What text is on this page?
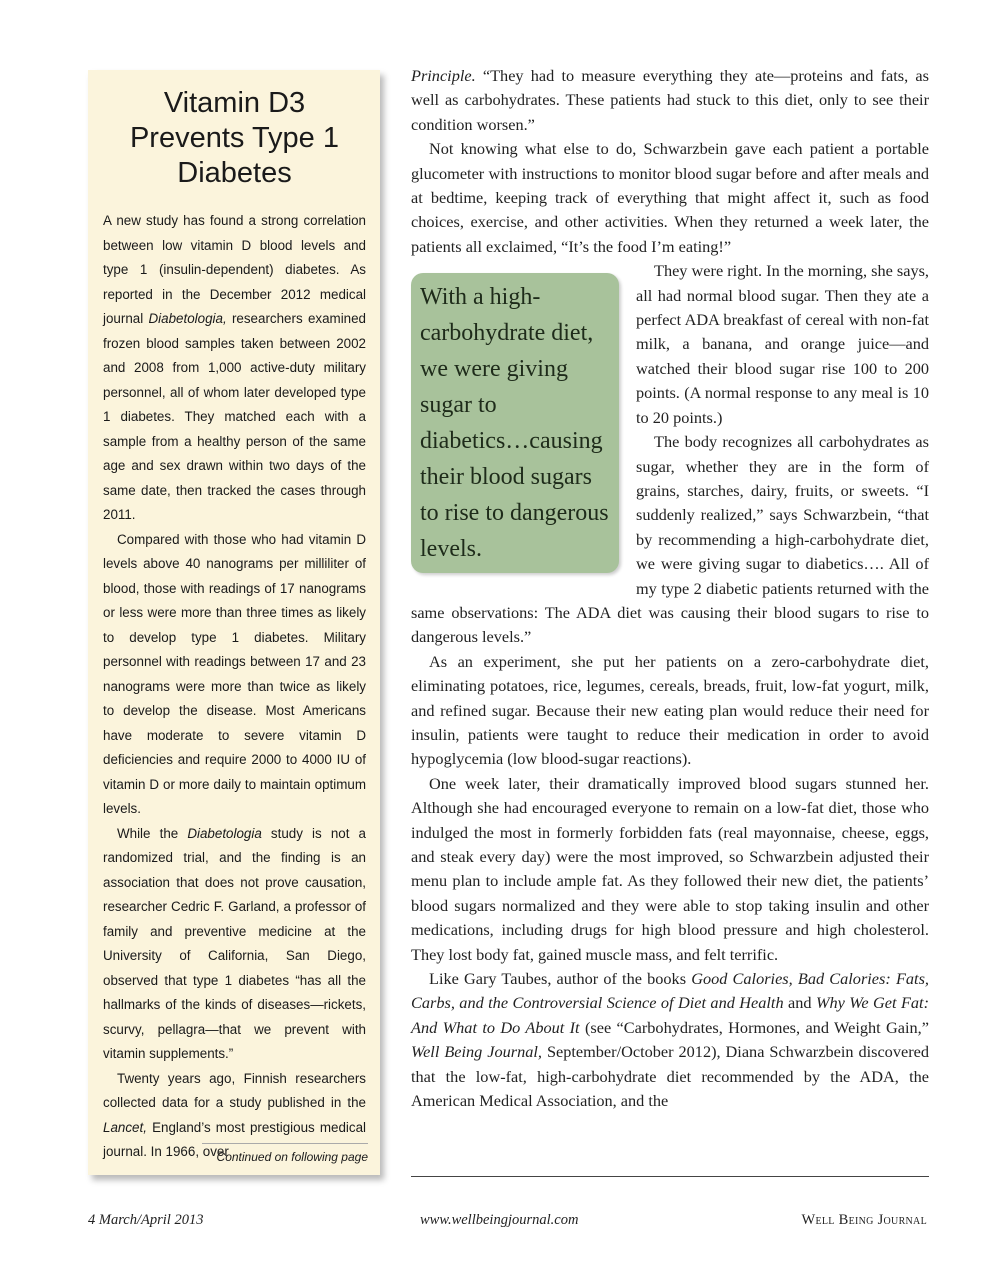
Vitamin D3 Prevents Type 1 Diabetes

A new study has found a strong correlation between low vitamin D blood levels and type 1 (insulin-dependent) diabetes. As reported in the December 2012 medical journal Diabetologia, researchers examined frozen blood samples taken between 2002 and 2008 from 1,000 active-duty military personnel, all of whom later developed type 1 diabetes. They matched each with a sample from a healthy person of the same age and sex drawn within two days of the same date, then tracked the cases through 2011.

Compared with those who had vitamin D levels above 40 nanograms per milliliter of blood, those with readings of 17 nanograms or less were more than three times as likely to develop type 1 diabetes. Military personnel with readings between 17 and 23 nanograms were more than twice as likely to develop the disease. Most Americans have moderate to severe vitamin D deficiencies and require 2000 to 4000 IU of vitamin D or more daily to maintain optimum levels.

While the Diabetologia study is not a randomized trial, and the finding is an association that does not prove causation, researcher Cedric F. Garland, a professor of family and preventive medicine at the University of California, San Diego, observed that type 1 diabetes “has all the hallmarks of the kinds of diseases—rickets, scurvy, pellagra—that we prevent with vitamin supplements.”

Twenty years ago, Finnish researchers collected data for a study published in the Lancet, England’s most prestigious medical journal. In 1966, over

Continued on following page

Principle. “They had to measure everything they ate—proteins and fats, as well as carbohydrates. These patients had stuck to this diet, only to see their condition worsen.”

Not knowing what else to do, Schwarzbein gave each patient a portable glucometer with instructions to monitor blood sugar before and after meals and at bedtime, keeping track of everything that might affect it, such as food choices, exercise, and other activities. When they returned a week later, the patients all exclaimed, “It’s the food I’m eating!”

With a high-carbohydrate diet, we were giving sugar to diabetics…causing their blood sugars to rise to dangerous levels.

They were right. In the morning, she says, all had normal blood sugar. Then they ate a perfect ADA breakfast of cereal with non-fat milk, a banana, and orange juice—and watched their blood sugar rise 100 to 200 points. (A normal response to any meal is 10 to 20 points.)

The body recognizes all carbohydrates as sugar, whether they are in the form of grains, starches, dairy, fruits, or sweets. “I suddenly realized,” says Schwarzbein, “that by recommending a high-carbohydrate diet, we were giving sugar to diabetics…. All of my type 2 diabetic patients returned with the same observations: The ADA diet was causing their blood sugars to rise to dangerous levels.”

As an experiment, she put her patients on a zero-carbohydrate diet, eliminating potatoes, rice, legumes, cereals, breads, fruit, low-fat yogurt, milk, and refined sugar. Because their new eating plan would reduce their need for insulin, patients were taught to reduce their medication in order to avoid hypoglycemia (low blood-sugar reactions).

One week later, their dramatically improved blood sugars stunned her. Although she had encouraged everyone to remain on a low-fat diet, those who indulged the most in formerly forbidden fats (real mayonnaise, cheese, eggs, and steak every day) were the most improved, so Schwarzbein adjusted their menu plan to include ample fat. As they followed their new diet, the patients’ blood sugars normalized and they were able to stop taking insulin and other medications, including drugs for high blood pressure and high cholesterol. They lost body fat, gained muscle mass, and felt terrific.

Like Gary Taubes, author of the books Good Calories, Bad Calories: Fats, Carbs, and the Controversial Science of Diet and Health and Why We Get Fat: And What to Do About It (see “Carbohydrates, Hormones, and Weight Gain,” Well Being Journal, September/October 2012), Diana Schwarzbein discovered that the low-fat, high-carbohydrate diet recommended by the ADA, the American Medical Association, and the

4 March/April 2013	www.wellbeingjournal.com	Well Being Journal
